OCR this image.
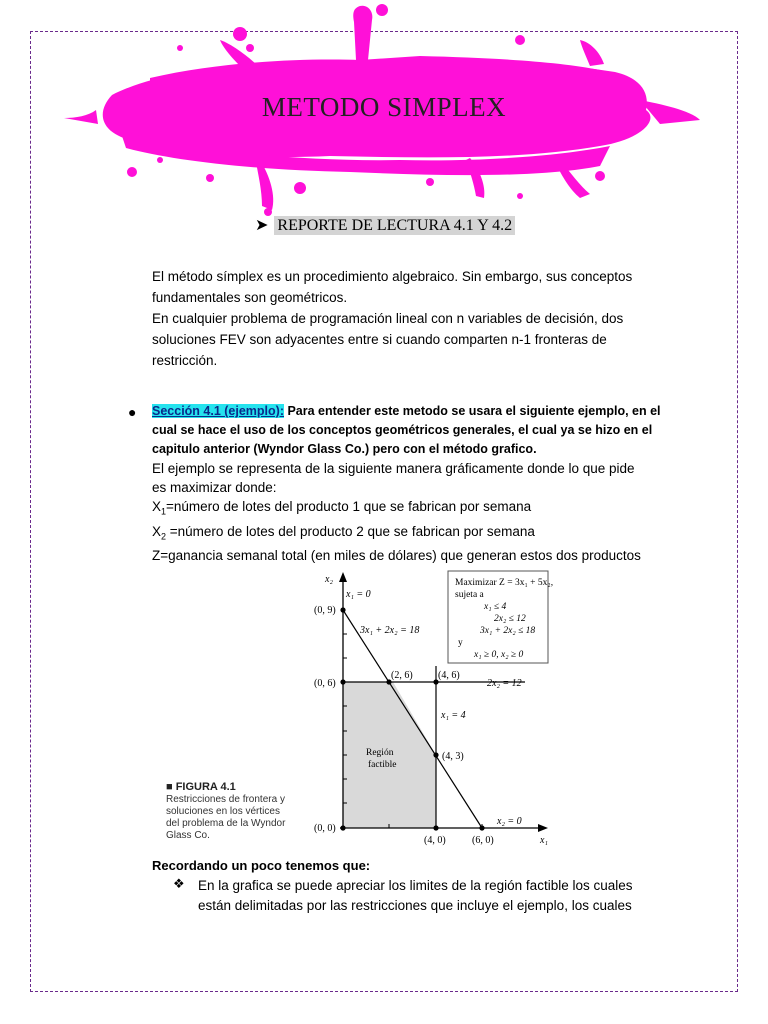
METODO SIMPLEX
➤ REPORTE DE LECTURA 4.1 Y 4.2
El método símplex es un procedimiento algebraico. Sin embargo, sus conceptos
fundamentales son geométricos.
En cualquier problema de programación lineal con n variables de decisión, dos
soluciones FEV son adyacentes entre si cuando comparten n-1 fronteras de
restricción.
● Sección 4.1 (ejemplo): Para entender este metodo se usara el siguiente ejemplo, en el
cual se hace el uso de los conceptos geométricos generales, el cual ya se hizo en el
capitulo anterior (Wyndor Glass Co.) pero con el método grafico.
El ejemplo se representa de la siguiente manera gráficamente donde lo que pide
es maximizar donde:
$X_1=número$ de lotes del producto 1 que se fabrican por semana
$X_2$ =número de lotes del producto 2 que se fabrican por semana
Z=ganancia semanal total (en miles de dólares) que generan estos dos productos
x₂
x₁
(0, 9)
(0, 6)
(2, 6)	(4, 6)
(4, 3)
(0, 0)
(4, 0)	(6, 0)
x₁ = 0
3x₁ + 2x₂ = 18
2x₂ = 12
x₁ = 4
x₂ = 0
Región
factible
Maximizar Z = 3x₁ + 5x₂,
sujeta a
x₁ ≤ 4
2x₂ ≤ 12
3x₁ + 2x₂ ≤ 18
y
x₁ ≥ 0, x₂ ≥ 0
■ FIGURA 4.1
Restricciones de frontera y
soluciones en los vértices
del problema de la Wyndor
Glass Co.
Recordando un poco tenemos que:
❖ En la grafica se puede apreciar los limites de la región factible los cuales
están delimitadas por las restricciones que incluye el ejemplo, los cuales
